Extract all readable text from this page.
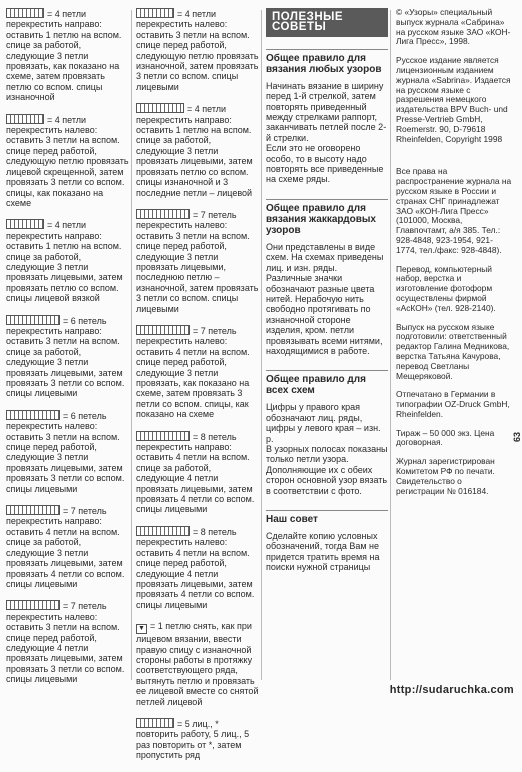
= 4 петли перекрестить направо: оставить 1 петлю на вспом. спице за работой, следующие 3 петли провязать, как показано на схеме, затем провязать петлю со вспом. спицы изнаночной
= 4 петли перекрестить налево: оставить 3 петли на вспом. спице перед работой, следующую петлю провязать лицевой скрещенной, затем провязать 3 петли со вспом. спицы, как показано на схеме
= 4 петли перекрестить направо: оставить 1 петлю на вспом. спице за работой, следующие 3 петли провязать лицевыми, затем провязать петлю со вспом. спицы лицевой вязкой
= 6 петель перекрестить направо: оставить 3 петли на вспом. спице за работой, следующие 3 петли провязать лицевыми, затем провязать 3 петли со вспом. спицы лицевыми
= 6 петель перекрестить налево: оставить 3 петли на вспом. спице перед работой, следующие 3 петли провязать лицевыми, затем провязать 3 петли со вспом. спицы лицевыми
= 7 петель перекрестить направо: оставить 4 петли на вспом. спице за работой, следующие 3 петли провязать лицевыми, затем провязать 4 петли со вспом. спицы лицевыми
= 7 петель перекрестить налево: оставить 3 петли на вспом. спице перед работой, следующие 4 петли провязать лицевыми, затем провязать 3 петли со вспом. спицы лицевыми
= 4 петли перекрестить налево: оставить 3 петли на вспом. спице перед работой, следующую петлю провязать изнаночной, затем провязать 3 петли со вспом. спицы лицевыми
= 4 петли перекрестить направо: оставить 1 петлю на вспом. спице за работой, следующие 3 петли провязать лицевыми, затем провязать петлю со вспом. спицы изнаночной и 3 последние петли – лицевой
= 7 петель перекрестить налево: оставить 3 петли на вспом. спице перед работой, следующие 3 петли провязать лицевыми, последнюю петлю – изнаночной, затем провязать 3 петли со вспом. спицы лицевыми
= 7 петель перекрестить налево: оставить 4 петли на вспом. спице перед работой, следующие 3 петли провязать, как показано на схеме, затем провязать 3 петли со вспом. спицы, как показано на схеме
= 8 петель перекрестить направо: оставить 4 петли на вспом. спице за работой, следующие 4 петли провязать лицевыми, затем провязать 4 петли со вспом. спицы лицевыми
= 8 петель перекрестить налево: оставить 4 петли на вспом. спице перед работой, следующие 4 петли провязать лицевыми, затем провязать 4 петли со вспом. спицы лицевыми
▼ = 1 петлю снять, как при лицевом вязании, ввести правую спицу с изнаночной стороны работы в протяжку соответствующего ряда, вытянуть петлю и провязать ее лицевой вместе со снятой петлей лицевой
= 5 лиц., * повторить работу, 5 лиц., 5 раз повторить от *, затем пропустить ряд
ПОЛЕЗНЫЕ СОВЕТЫ
Общее правило для вязания любых узоров

Начинать вязание в ширину перед 1-й стрелкой, затем повторять приведенный между стрелками раппорт, заканчивать петлей после 2-й стрелки.

Если это не оговорено особо, то в высоту надо повторять все приведенные на схеме ряды.

Общее правило для вязания жаккардовых узоров

Они представлены в виде схем. На схемах приведены лиц. и изн. ряды.

Различные значки обозначают разные цвета нитей. Нерабочую нить свободно протягивать по изнаночной стороне изделия, кром. петли провязывать всеми нитями, находящимися в работе.

Общее правило для всех схем

Цифры у правого края обозначают лиц. ряды, цифры у левого края – изн. р.

В узорных полосах показаны только петли узора. Дополняющие их с обеих сторон основной узор вязать в соответствии с фото.

Наш совет

Сделайте копию условных обозначений, тогда Вам не придется тратить время на поиски нужной страницы

© «Узоры» специальный выпуск журнала «Сабрина» на русском языке ЗАО «КОН-Лига Пресс», 1998.

Русское издание является лицензионным изданием журнала «Sabrina». Издается на русском языке с разрешения немецкого издательства BPV Buch- und Presse-Vertrieb GmbH, Roemerstr. 90, D-79618 Rheinfelden, Copyright 1998

Все права на распространение журнала на русском языке в России и странах СНГ принадлежат ЗАО «КОН-Лига Пресс» (101000, Москва, Главпочтамт, а/я 385. Тел.: 928-4848, 923-1954, 921-1774, тел./факс: 928-4848).

Перевод, компьютерный набор, верстка и изготовление фотоформ осуществлены фирмой «АсКОН» (тел. 928-2140).

Выпуск на русском языке подготовили: ответственный редактор Галина Медникова, верстка Татьяна Качурова, перевод Светланы Мещеряковой.

Отпечатано в Германии в типографии OZ-Druck GmbH, Rheinfelden.

Тираж – 50 000 экз. Цена договорная.

Журнал зарегистрирован Комитетом РФ по печати. Свидетельство о регистрации № 016184.

63
http://sudaruchka.com
